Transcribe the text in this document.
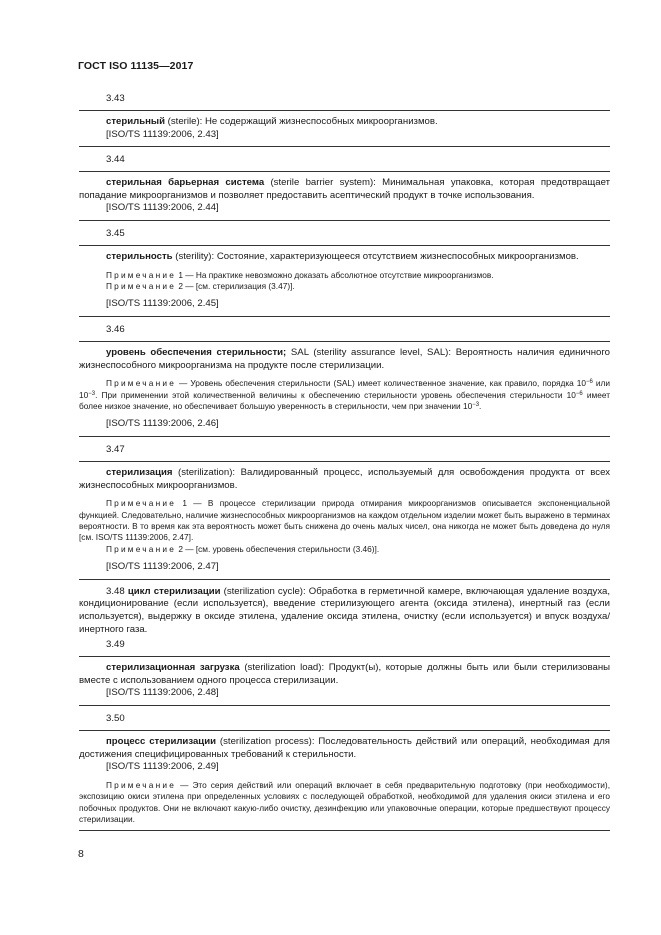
ГОСТ ISO 11135—2017
3.43

стерильный (sterile): Не содержащий жизнеспособных микроорганизмов.

[ISO/TS 11139:2006, 2.43]

3.44

стерильная барьерная система (sterile barrier system): Минимальная упаковка, которая предотвращает попадание микроорганизмов и позволяет предоставить асептический продукт в точке использования.

[ISO/TS 11139:2006, 2.44]

3.45

стерильность (sterility): Состояние, характеризующееся отсутствием жизнеспособных микроорганизмов.

Примечание 1 — На практике невозможно доказать абсолютное отсутствие микроорганизмов.

Примечание 2 — [см. стерилизация (3.47)].

[ISO/TS 11139:2006, 2.45]

3.46

уровень обеспечения стерильности; SAL (sterility assurance level, SAL): Вероятность наличия единичного жизнеспособного микроорганизма на продукте после стерилизации.

Примечание — Уровень обеспечения стерильности (SAL) имеет количественное значение, как правило, порядка $10^{-6}$ или $10^{-3}$. При применении этой количественной величины к обеспечению стерильности уровень обеспечения стерильности $10^{-6}$ имеет более низкое значение, но обеспечивает большую уверенность в стерильности, чем при значении $10^{-3}$.

[ISO/TS 11139:2006, 2.46]

3.47

стерилизация (sterilization): Валидированный процесс, используемый для освобождения продукта от всех жизнеспособных микроорганизмов.

Примечание 1 — В процессе стерилизации природа отмирания микроорганизмов описывается экспоненциальной функцией. Следовательно, наличие жизнеспособных микроорганизмов на каждом отдельном изделии может быть выражено в терминах вероятности. В то время как эта вероятность может быть снижена до очень малых чисел, она никогда не может быть доведена до нуля [см. ISO/TS 11139:2006, 2.47].

Примечание 2 — [см. уровень обеспечения стерильности (3.46)].

[ISO/TS 11139:2006, 2.47]

3.48 цикл стерилизации (sterilization cycle): Обработка в герметичной камере, включающая удаление воздуха, кондиционирование (если используется), введение стерилизующего агента (оксида этилена), инертный газ (если используется), выдержку в оксиде этилена, удаление оксида этилена, очистку (если используется) и впуск воздуха/инертного газа.

3.49

стерилизационная загрузка (sterilization load): Продукт(ы), которые должны быть или были стерилизованы вместе с использованием одного процесса стерилизации.

[ISO/TS 11139:2006, 2.48]

3.50

процесс стерилизации (sterilization process): Последовательность действий или операций, необходимая для достижения специфицированных требований к стерильности.

[ISO/TS 11139:2006, 2.49]

Примечание — Это серия действий или операций включает в себя предварительную подготовку (при необходимости), экспозицию окиси этилена при определенных условиях с последующей обработкой, необходимой для удаления окиси этилена и его побочных продуктов. Они не включают какую-либо очистку, дезинфекцию или упаковочные операции, которые предшествуют процессу стерилизации.

8
